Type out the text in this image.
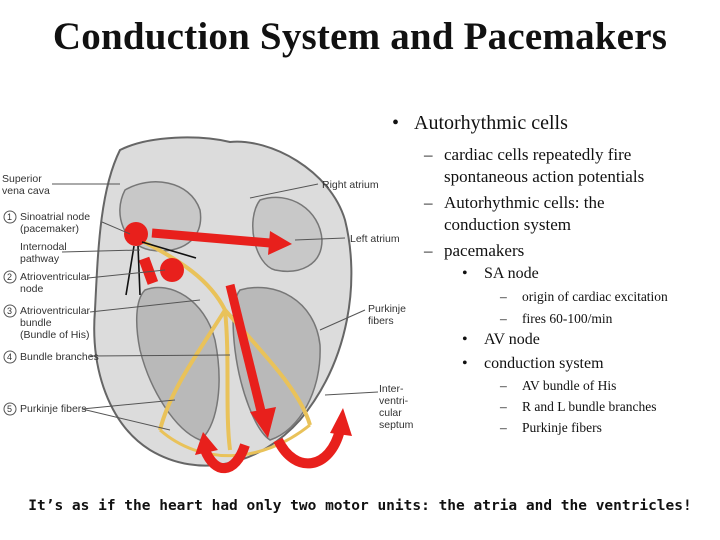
Conduction System and Pacemakers
Superior
vena cava
Sinoatrial node
(pacemaker)
Internodal
pathway
Atrioventricular
node
Atrioventricular
bundle
(Bundle of His)
Bundle branches
Purkinje fibers
1
2
3
4
5
Right atrium
Left atrium
Purkinje
fibers
Inter-
ventri-
cular
septum
• Autorhythmic cells
– cardiac cells repeatedly fire
spontaneous action potentials
– Autorhythmic cells: the
conduction system
– pacemakers
• SA node
– origin of cardiac excitation
– fires 60-100/min
• AV node
• conduction system
– AV bundle of His
– R and L bundle branches
– Purkinje fibers
It’s as if the heart had only two motor units: the atria and the ventricles!
